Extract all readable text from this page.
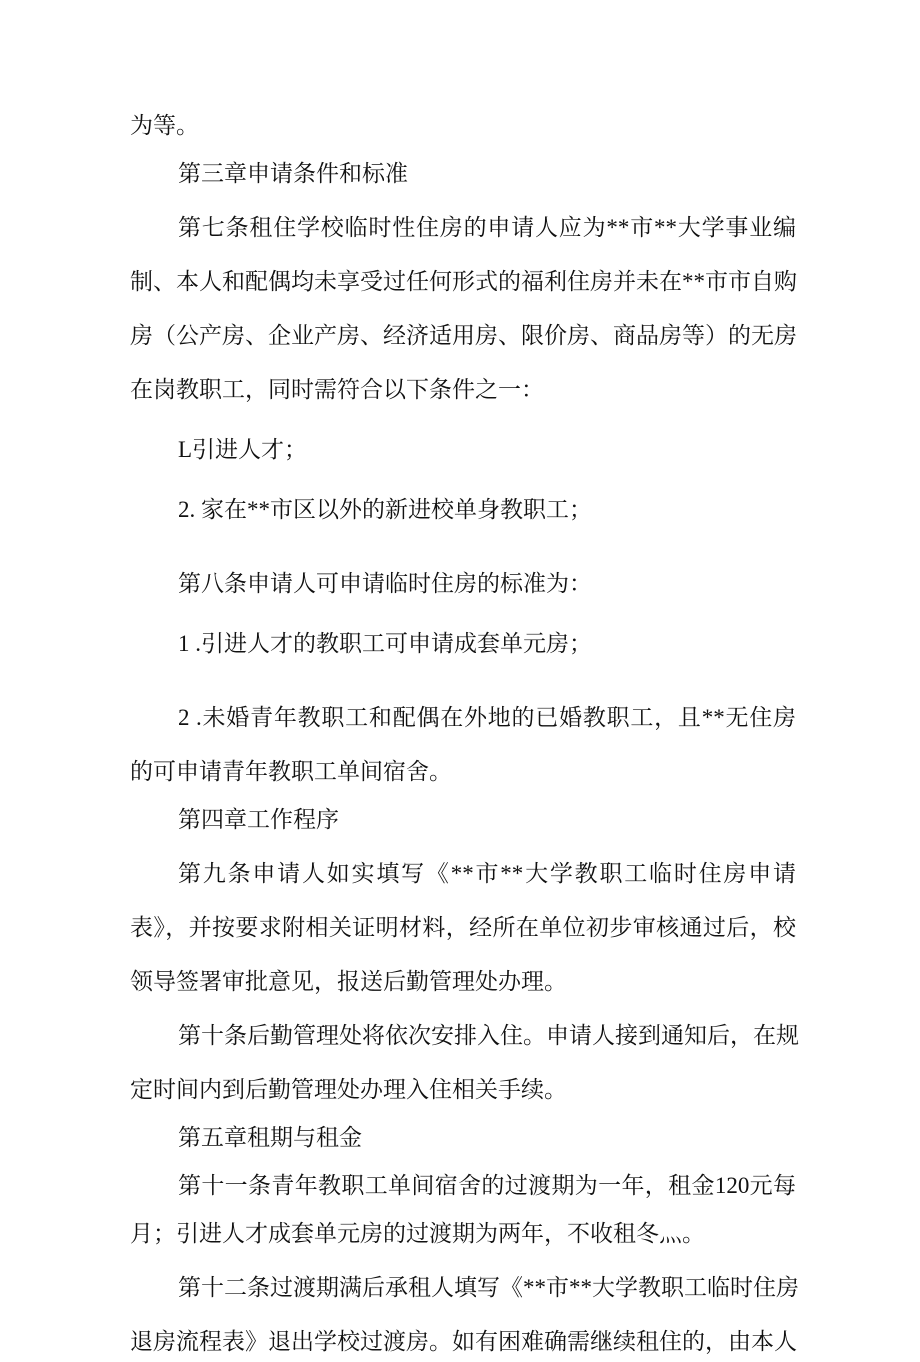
为等。
第三章申请条件和标准
第七条租住学校临时性住房的申请人应为**市**大学事业编
制、本人和配偶均未享受过任何形式的福利住房并未在**市市自购
房（公产房、企业产房、经济适用房、限价房、商品房等）的无房
在岗教职工，同时需符合以下条件之一：
L引进人才；
2. 家在**市区以外的新进校单身教职工；
第八条申请人可申请临时住房的标准为：
1 .引进人才的教职工可申请成套单元房；
2 .未婚青年教职工和配偶在外地的已婚教职工，且**无住房
的可申请青年教职工单间宿舍。
第四章工作程序
第九条申请人如实填写《**市**大学教职工临时住房申请
表》，并按要求附相关证明材料，经所在单位初步审核通过后，校
领导签署审批意见，报送后勤管理处办理。
第十条后勤管理处将依次安排入住。申请人接到通知后，在规
定时间内到后勤管理处办理入住相关手续。
第五章租期与租金
第十一条青年教职工单间宿舍的过渡期为一年，租金120元每
月；引进人才成套单元房的过渡期为两年，不收租冬灬。
第十二条过渡期满后承租人填写《**市**大学教职工临时住房
退房流程表》退出学校过渡房。如有困难确需继续租住的，由本人
